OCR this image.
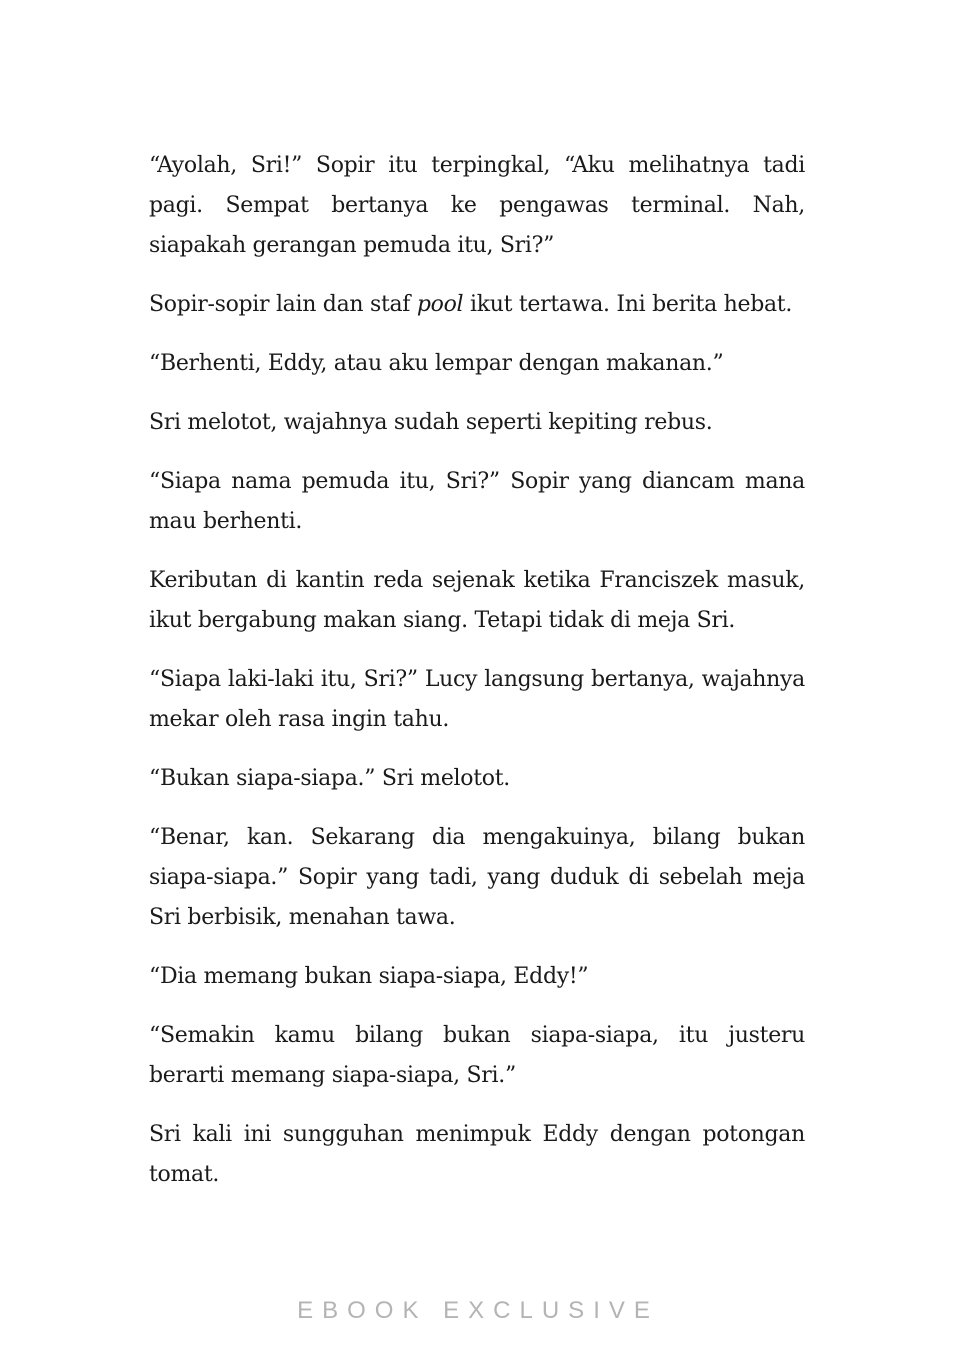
“Ayolah, Sri!” Sopir itu terpingkal, “Aku melihatnya tadi pagi. Sempat bertanya ke pengawas terminal. Nah, siapakah gerangan pemuda itu, Sri?”

Sopir-sopir lain dan staf pool ikut tertawa. Ini berita hebat.

“Berhenti, Eddy, atau aku lempar dengan makanan.”

Sri melotot, wajahnya sudah seperti kepiting rebus.

“Siapa nama pemuda itu, Sri?” Sopir yang diancam mana mau berhenti.

Keributan di kantin reda sejenak ketika Franciszek masuk, ikut bergabung makan siang. Tetapi tidak di meja Sri.

“Siapa laki-laki itu, Sri?” Lucy langsung bertanya, wajahnya mekar oleh rasa ingin tahu.

“Bukan siapa-siapa.” Sri melotot.

“Benar, kan. Sekarang dia mengakuinya, bilang bukan siapa-siapa.” Sopir yang tadi, yang duduk di sebelah meja Sri berbisik, menahan tawa.

“Dia memang bukan siapa-siapa, Eddy!”

“Semakin kamu bilang bukan siapa-siapa, itu justeru berarti memang siapa-siapa, Sri.”

Sri kali ini sungguhan menimpuk Eddy dengan potongan tomat.

EBOOK EXCLUSIVE
